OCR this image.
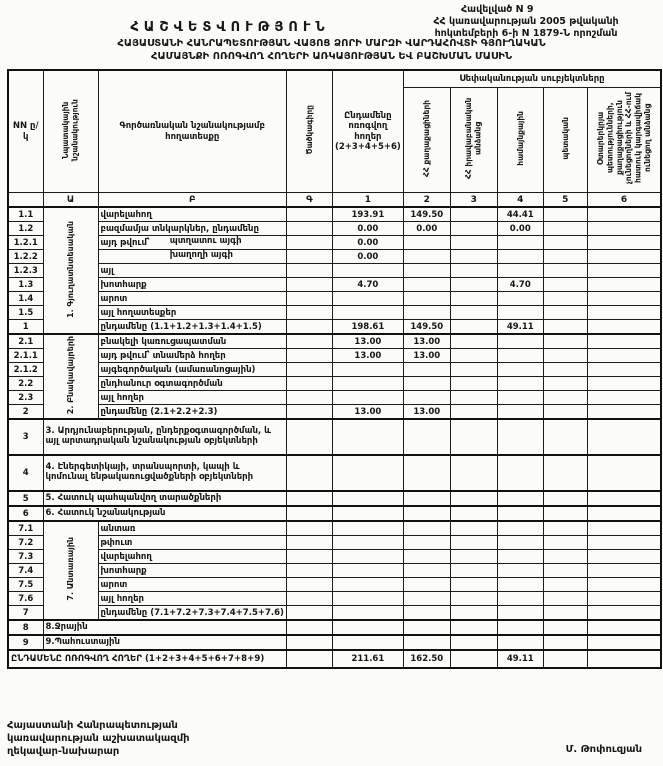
Հավելված N 9
ՀՀ կառավարության 2005 թվականի
հոկտեմբերի 6-ի N 1879-Ն որոշման
ՀԱՇՎԵՏՎՈՒԹՅՈՒՆ
ՀԱՅԱՍՏԱՆԻ ՀԱՆՐԱՊԵՏՈՒԹՅԱՆ ՎԱՅՈՑ ՁՈՐԻ ՄԱՐԶԻ ՎԱՐԴԱՀՈՎՏԻ ԳՅՈՒՂԱԿԱՆ
ՀԱՄԱՅՆՔԻ ՈՌՈԳՎՈՂ ՀՈՂԵՐԻ ԱՌԿԱՅՈՒԹՅԱՆ ԵՎ ԲԱՇԽՄԱՆ ՄԱՍԻՆ
NN ը/կ	Նպատակային նշանակություն	Գործառնական նշանակությամբ հողատեսքը	Ծածկագիրը	Ընդամենը ոռոգվող հողեր (2+3+4+5+6)	Սեփականության սուբյեկտները				
					ՀՀ քաղաքացիների	ՀՀ իրավաբանական անձանց	համայնքային	պետական	Օտարերկրյա պետությունների, քաղաքացիություն չունեցողների և ՀՀ-ում հատուկ կարգավիճակ ունեցող անձանց
	Ա	Բ	Գ	1	2	3	4	5	6
1.1	1. Գյուղատնտեսական	վարելահող		193.91	149.50		44.41		
1.2		բազմամյա տնկարկներ, ընդամենը		0.00	0.00		0.00		
1.2.1		այդ թվում՝ պտղատու այգի		0.00					
1.2.2		խաղողի այգի		0.00					
1.2.3		այլ							
1.3		խոտհարք		4.70			4.70		
1.4		արոտ							
1.5		այլ հողատեսքեր							
1		ընդամենը (1.1+1.2+1.3+1.4+1.5)		198.61	149.50		49.11		
2.1	2. Բնակավայրերի	բնակելի կառուցապատման		13.00	13.00				
2.1.1		այդ թվում՝ տնամերձ հողեր		13.00	13.00				
2.1.2		այգեգործական (ամառանոցային)							
2.2		ընդհանուր օգտագործման							
2.3		այլ հողեր							
2		ընդամենը (2.1+2.2+2.3)		13.00	13.00				
3	3. Արդյունաբերության, ընդերքօգտագործման, և այլ արտադրական նշանակության օբյեկտների								
4	4. Էներգետիկայի, տրանսպորտի, կապի և կոմունալ ենթակառուցվածքների օբյեկտների								
5	5. Հատուկ պահպանվող տարածքների								
6	6. Հատուկ նշանակության								
7.1	7. Անտառային	անտառ							
7.2		թփուտ							
7.3		վարելահող							
7.4		խոտհարք							
7.5		արոտ							
7.6		այլ հողեր							
7		ընդամենը (7.1+7.2+7.3+7.4+7.5+7.6)							
8	8.Ջրային								
9	9.Պահուստային								
ԸՆԴԱՄԵՆԸ ՈՌՈԳՎՈՂ ՀՈՂԵՐ (1+2+3+4+5+6+7+8+9)				211.61	162.50		49.11		
Հայաստանի Հանրապետության
կառավարության աշխատակազմի
ղեկավար-նախարար	Մ. Թոփուզյան
